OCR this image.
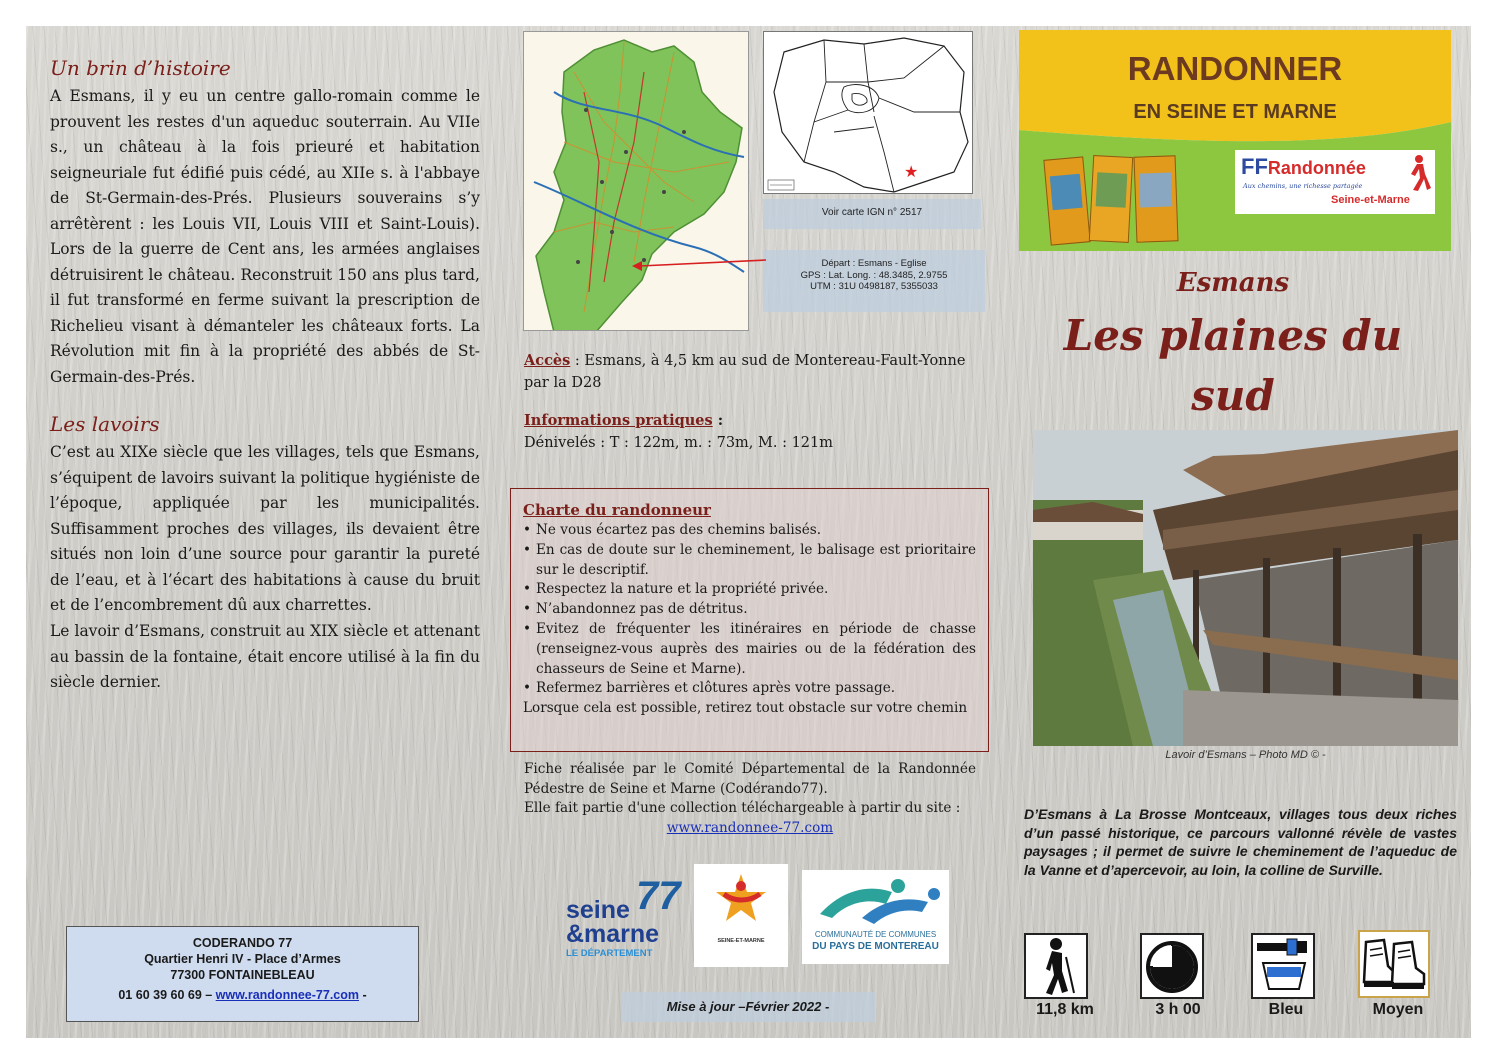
Un brin d’histoire

A Esmans, il y eu un centre gallo-romain comme le prouvent les restes d'un aqueduc souterrain. Au VIIe s., un château à la fois prieuré et habitation seigneuriale fut édifié puis cédé, au XIIe s. à l'abbaye de St-Germain-des-Prés. Plusieurs souverains s’y arrêtèrent : les Louis VII, Louis VIII et Saint-Louis). Lors de la guerre de Cent ans, les armées anglaises détruisirent le château. Reconstruit 150 ans plus tard, il fut transformé en ferme suivant la prescription de Richelieu visant à démanteler les châteaux forts. La Révolution mit fin à la propriété des abbés de St-Germain-des-Prés.

Les lavoirs

C’est au XIXe siècle que les villages, tels que Esmans, s’équipent de lavoirs suivant la politique hygiéniste de l’époque, appliquée par les municipalités. Suffisamment proches des villages, ils devaient être situés non loin d’une source pour garantir la pureté de l’eau, et à l’écart des habitations à cause du bruit et de l’encombrement dû aux charrettes.

Le lavoir d’Esmans, construit au XIX siècle et attenant au bassin de la fontaine, était encore utilisé à la fin du siècle dernier.

CODERANDO 77
Quartier Henri IV - Place d’Armes
77300 FONTAINEBLEAU
01 60 39 60 69 – www.randonnee-77.com -
★
Voir carte IGN n° 2517
Départ : Esmans - Eglise
GPS : Lat. Long. : 48.3485, 2.9755
UTM : 31U 0498187, 5355033
Accès : Esmans, à 4,5 km au sud de Montereau-Fault-Yonne par la D28
Informations pratiques :
Dénivelés : T : 122m, m. : 73m, M. : 121m
Charte du randonneur
• Ne vous écartez pas des chemins balisés.
• En cas de doute sur le cheminement, le balisage est prioritaire sur le descriptif.
• Respectez la nature et la propriété privée.
• N’abandonnez pas de détritus.
• Evitez de fréquenter les itinéraires en période de chasse (renseignez-vous auprès des mairies ou de la fédération des chasseurs de Seine et Marne).
• Refermez barrières et clôtures après votre passage.

Lorsque cela est possible, retirez tout obstacle sur votre chemin

Fiche réalisée par le Comité Départemental de la Randonnée Pédestre de Seine et Marne (Codérando77).

Elle fait partie d'une collection téléchargeable à partir du site :

www.randonnee-77.com

seine 77
&marne
LE DÉPARTEMENT
SEINE-ET-MARNE
COMMUNAUTÉ DE COMMUNES
DU PAYS DE MONTEREAU
Mise à jour –Février 2022 -
RANDONNER
EN SEINE ET MARNE
FFRandonnée
Aux chemins, une richesse partagée
Seine-et-Marne
Esmans
Les plaines du sud
Lavoir d’Esmans – Photo MD © -

D’Esmans à La Brosse Montceaux, villages tous deux riches d’un passé historique, ce parcours vallonné révèle de vastes paysages ; il permet de suivre le cheminement de l’aqueduc de la Vanne et d’apercevoir, au loin, la colline de Surville.

11,8 km	3 h 00	Bleu	Moyen
